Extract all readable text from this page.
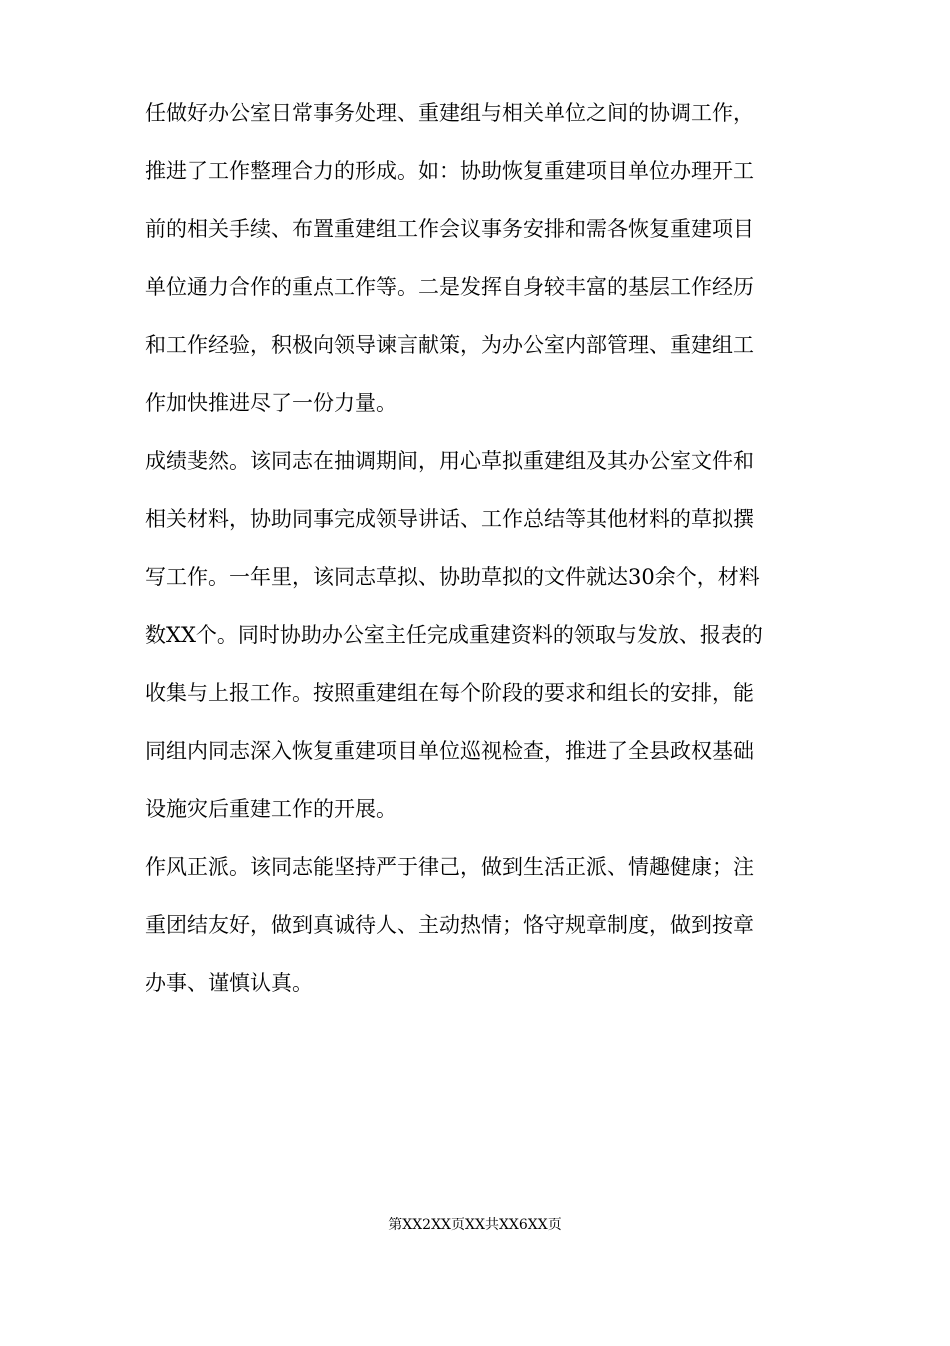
任做好办公室日常事务处理、重建组与相关单位之间的协调工作，
推进了工作整理合力的形成。如：协助恢复重建项目单位办理开工
前的相关手续、布置重建组工作会议事务安排和需各恢复重建项目
单位通力合作的重点工作等。二是发挥自身较丰富的基层工作经历
和工作经验，积极向领导谏言献策，为办公室内部管理、重建组工
作加快推进尽了一份力量。
成绩斐然。该同志在抽调期间，用心草拟重建组及其办公室文件和
相关材料，协助同事完成领导讲话、工作总结等其他材料的草拟撰
写工作。一年里，该同志草拟、协助草拟的文件就达30余个，材料
数XX个。同时协助办公室主任完成重建资料的领取与发放、报表的
收集与上报工作。按照重建组在每个阶段的要求和组长的安排，能
同组内同志深入恢复重建项目单位巡视检查，推进了全县政权基础
设施灾后重建工作的开展。
作风正派。该同志能坚持严于律己，做到生活正派、情趣健康；注
重团结友好，做到真诚待人、主动热情；恪守规章制度，做到按章
办事、谨慎认真。
第XX2XX页XX共XX6XX页
